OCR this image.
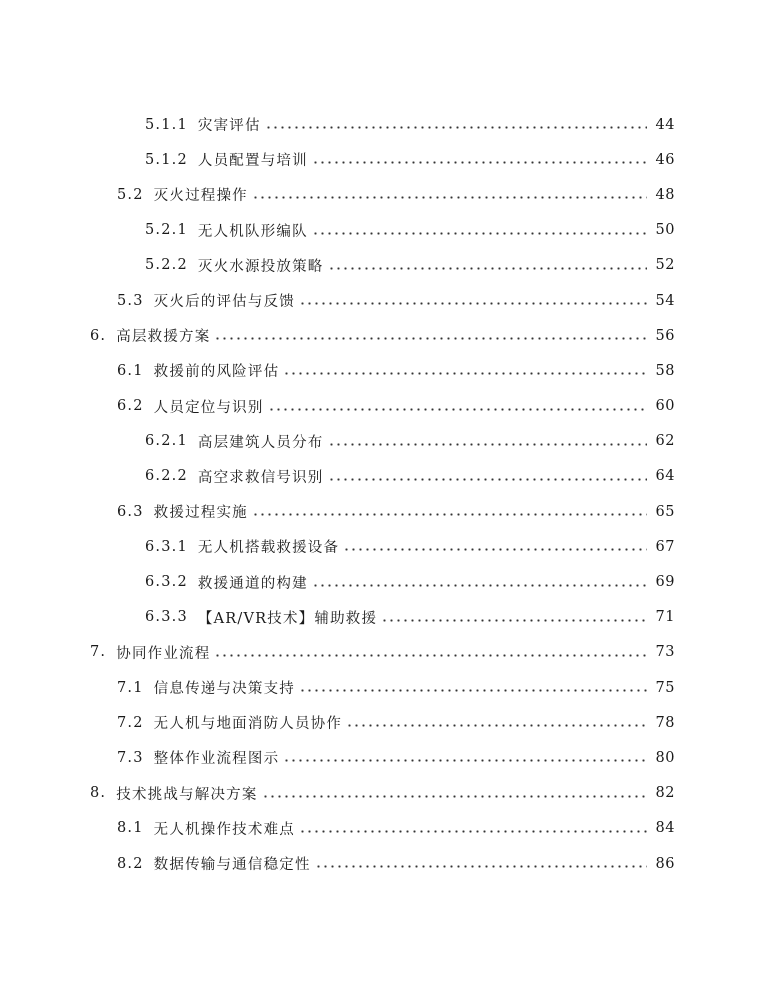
5.1.1 灾害评估	44
5.1.2 人员配置与培训	46
5.2 灭火过程操作	48
5.2.1 无人机队形编队	50
5.2.2 灭火水源投放策略	52
5.3 灭火后的评估与反馈	54
6. 高层救援方案	56
6.1 救援前的风险评估	58
6.2 人员定位与识别	60
6.2.1 高层建筑人员分布	62
6.2.2 高空求救信号识别	64
6.3 救援过程实施	65
6.3.1 无人机搭载救援设备	67
6.3.2 救援通道的构建	69
6.3.3 【AR/VR技术】辅助救援	71
7. 协同作业流程	73
7.1 信息传递与决策支持	75
7.2 无人机与地面消防人员协作	78
7.3 整体作业流程图示	80
8. 技术挑战与解决方案	82
8.1 无人机操作技术难点	84
8.2 数据传输与通信稳定性	86
